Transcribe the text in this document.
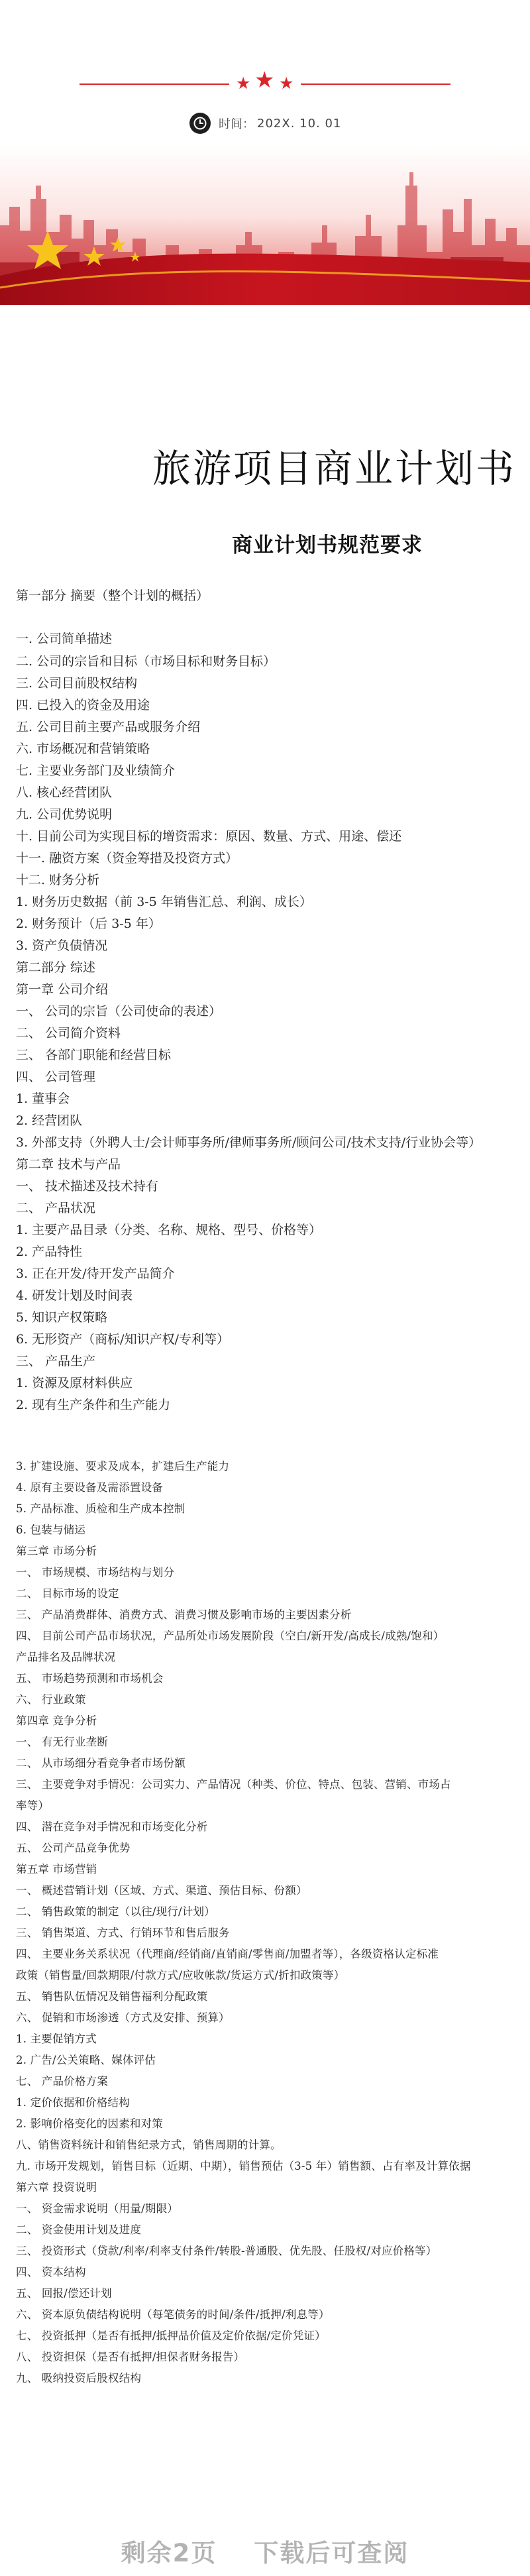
★ ★ ★
时间： 202X. 10. 01
旅游项目商业计划书
商业计划书规范要求
第一部分 摘要（整个计划的概括）
一. 公司简单描述
二. 公司的宗旨和目标（市场目标和财务目标）
三. 公司目前股权结构
四. 已投入的资金及用途
五. 公司目前主要产品或服务介绍
六. 市场概况和营销策略
七. 主要业务部门及业绩简介
八. 核心经营团队
九. 公司优势说明
十. 目前公司为实现目标的增资需求：原因、数量、方式、用途、偿还
十一. 融资方案（资金筹措及投资方式）
十二. 财务分析
1. 财务历史数据（前 3-5 年销售汇总、利润、成长）
2. 财务预计（后 3-5 年）
3. 资产负债情况
第二部分 综述
第一章 公司介绍
一、 公司的宗旨（公司使命的表述）
二、 公司简介资料
三、 各部门职能和经营目标
四、 公司管理
1. 董事会
2. 经营团队
3. 外部支持（外聘人士/会计师事务所/律师事务所/顾问公司/技术支持/行业协会等）
第二章 技术与产品
一、 技术描述及技术持有
二、 产品状况
1. 主要产品目录（分类、名称、规格、型号、价格等）
2. 产品特性
3. 正在开发/待开发产品简介
4. 研发计划及时间表
5. 知识产权策略
6. 无形资产（商标/知识产权/专利等）
三、 产品生产
1. 资源及原材料供应
2. 现有生产条件和生产能力
3. 扩建设施、要求及成本，扩建后生产能力
4. 原有主要设备及需添置设备
5. 产品标准、质检和生产成本控制
6. 包装与储运
第三章 市场分析
一、 市场规模、市场结构与划分
二、 目标市场的设定
三、 产品消费群体、消费方式、消费习惯及影响市场的主要因素分析
四、 目前公司产品市场状况，产品所处市场发展阶段（空白/新开发/高成长/成熟/饱和）
产品排名及品牌状况
五、 市场趋势预测和市场机会
六、 行业政策
第四章 竞争分析
一、 有无行业垄断
二、 从市场细分看竞争者市场份额
三、 主要竞争对手情况：公司实力、产品情况（种类、价位、特点、包装、营销、市场占
率等）
四、 潜在竞争对手情况和市场变化分析
五、 公司产品竞争优势
第五章 市场营销
一、 概述营销计划（区域、方式、渠道、预估目标、份额）
二、 销售政策的制定（以往/现行/计划）
三、 销售渠道、方式、行销环节和售后服务
四、 主要业务关系状况（代理商/经销商/直销商/零售商/加盟者等），各级资格认定标准
政策（销售量/回款期限/付款方式/应收帐款/货运方式/折扣政策等）
五、 销售队伍情况及销售福利分配政策
六、 促销和市场渗透（方式及安排、预算）
1. 主要促销方式
2. 广告/公关策略、媒体评估
七、 产品价格方案
1. 定价依据和价格结构
2. 影响价格变化的因素和对策
八、销售资料统计和销售纪录方式，销售周期的计算。
九. 市场开发规划，销售目标（近期、中期），销售预估（3-5 年）销售额、占有率及计算依据
第六章 投资说明
一、 资金需求说明（用量/期限）
二、 资金使用计划及进度
三、 投资形式（贷款/利率/利率支付条件/转股-普通股、优先股、任股权/对应价格等）
四、 资本结构
五、 回报/偿还计划
六、 资本原负债结构说明（每笔债务的时间/条件/抵押/利息等）
七、 投资抵押（是否有抵押/抵押品价值及定价依据/定价凭证）
八、 投资担保（是否有抵押/担保者财务报告）
九、 吸纳投资后股权结构
剩余2页 下载后可查阅
